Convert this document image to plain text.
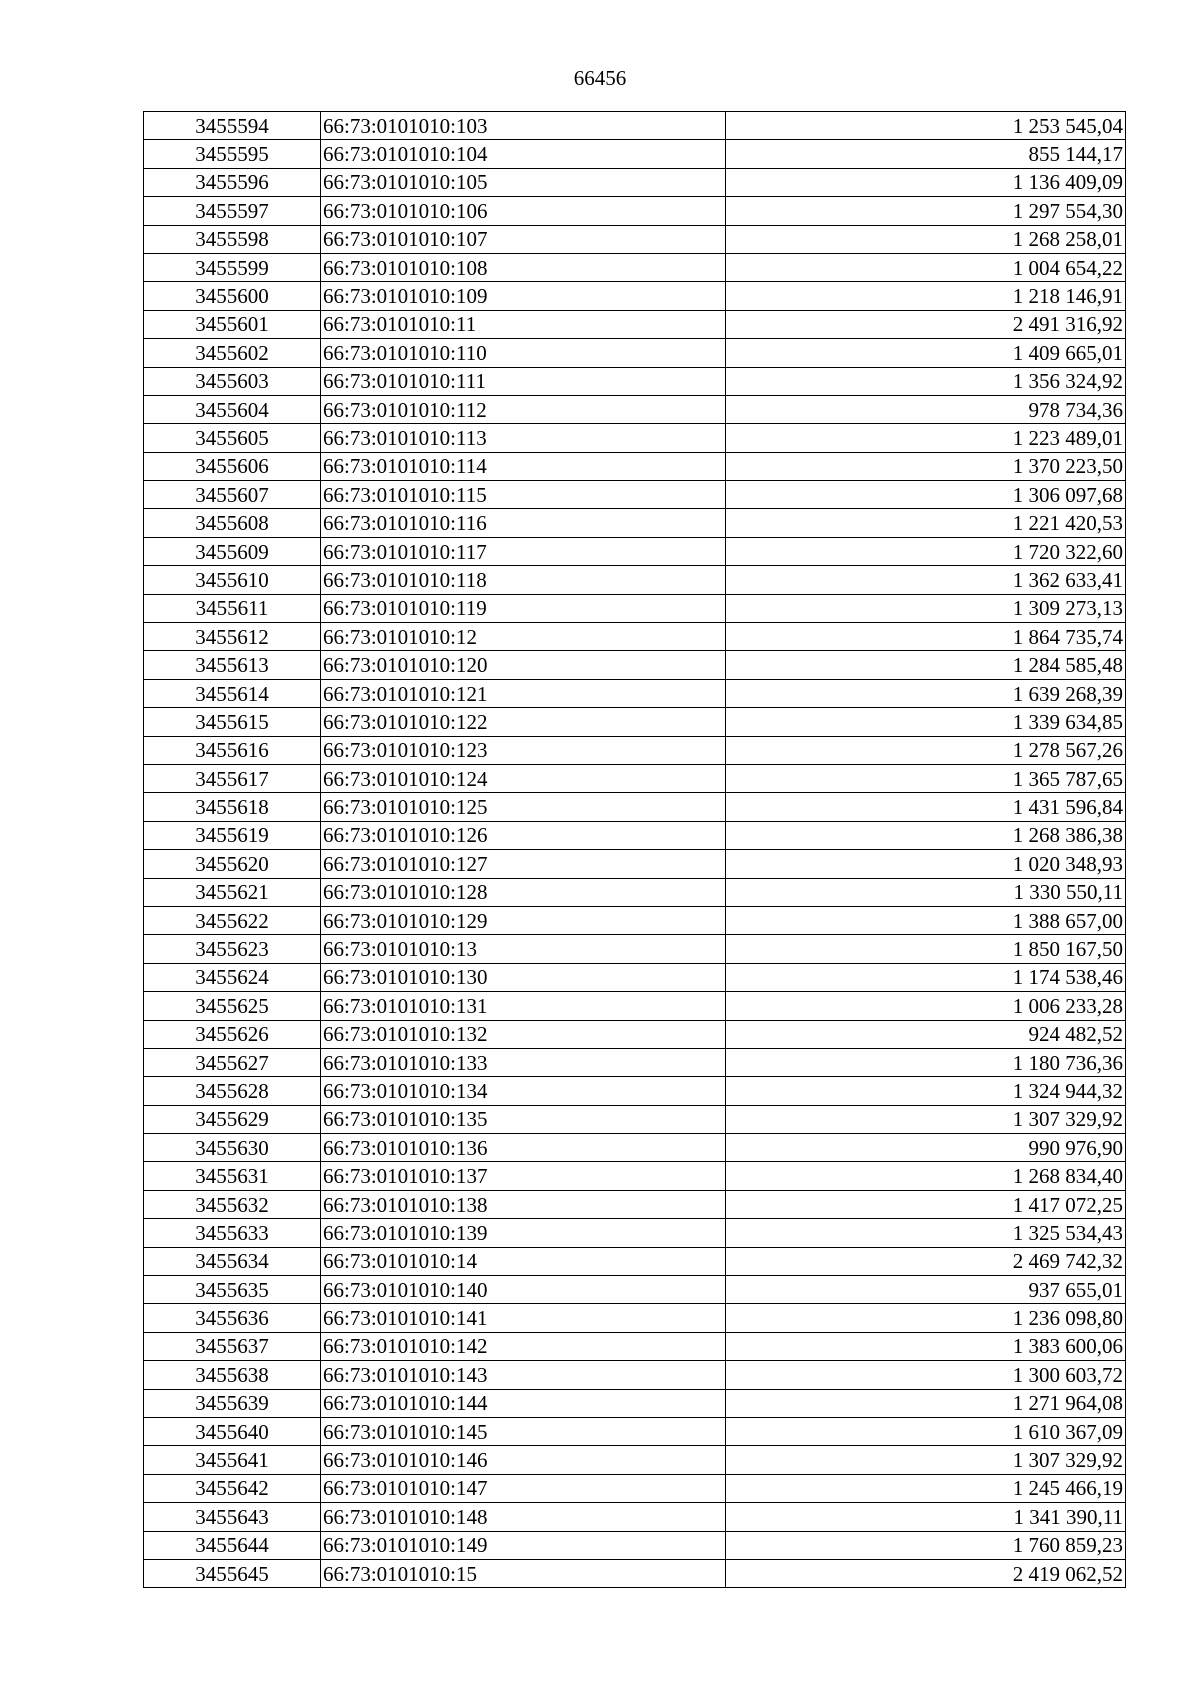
66456
3455594	66:73:0101010:103	1 253 545,04
3455595	66:73:0101010:104	855 144,17
3455596	66:73:0101010:105	1 136 409,09
3455597	66:73:0101010:106	1 297 554,30
3455598	66:73:0101010:107	1 268 258,01
3455599	66:73:0101010:108	1 004 654,22
3455600	66:73:0101010:109	1 218 146,91
3455601	66:73:0101010:11	2 491 316,92
3455602	66:73:0101010:110	1 409 665,01
3455603	66:73:0101010:111	1 356 324,92
3455604	66:73:0101010:112	978 734,36
3455605	66:73:0101010:113	1 223 489,01
3455606	66:73:0101010:114	1 370 223,50
3455607	66:73:0101010:115	1 306 097,68
3455608	66:73:0101010:116	1 221 420,53
3455609	66:73:0101010:117	1 720 322,60
3455610	66:73:0101010:118	1 362 633,41
3455611	66:73:0101010:119	1 309 273,13
3455612	66:73:0101010:12	1 864 735,74
3455613	66:73:0101010:120	1 284 585,48
3455614	66:73:0101010:121	1 639 268,39
3455615	66:73:0101010:122	1 339 634,85
3455616	66:73:0101010:123	1 278 567,26
3455617	66:73:0101010:124	1 365 787,65
3455618	66:73:0101010:125	1 431 596,84
3455619	66:73:0101010:126	1 268 386,38
3455620	66:73:0101010:127	1 020 348,93
3455621	66:73:0101010:128	1 330 550,11
3455622	66:73:0101010:129	1 388 657,00
3455623	66:73:0101010:13	1 850 167,50
3455624	66:73:0101010:130	1 174 538,46
3455625	66:73:0101010:131	1 006 233,28
3455626	66:73:0101010:132	924 482,52
3455627	66:73:0101010:133	1 180 736,36
3455628	66:73:0101010:134	1 324 944,32
3455629	66:73:0101010:135	1 307 329,92
3455630	66:73:0101010:136	990 976,90
3455631	66:73:0101010:137	1 268 834,40
3455632	66:73:0101010:138	1 417 072,25
3455633	66:73:0101010:139	1 325 534,43
3455634	66:73:0101010:14	2 469 742,32
3455635	66:73:0101010:140	937 655,01
3455636	66:73:0101010:141	1 236 098,80
3455637	66:73:0101010:142	1 383 600,06
3455638	66:73:0101010:143	1 300 603,72
3455639	66:73:0101010:144	1 271 964,08
3455640	66:73:0101010:145	1 610 367,09
3455641	66:73:0101010:146	1 307 329,92
3455642	66:73:0101010:147	1 245 466,19
3455643	66:73:0101010:148	1 341 390,11
3455644	66:73:0101010:149	1 760 859,23
3455645	66:73:0101010:15	2 419 062,52
